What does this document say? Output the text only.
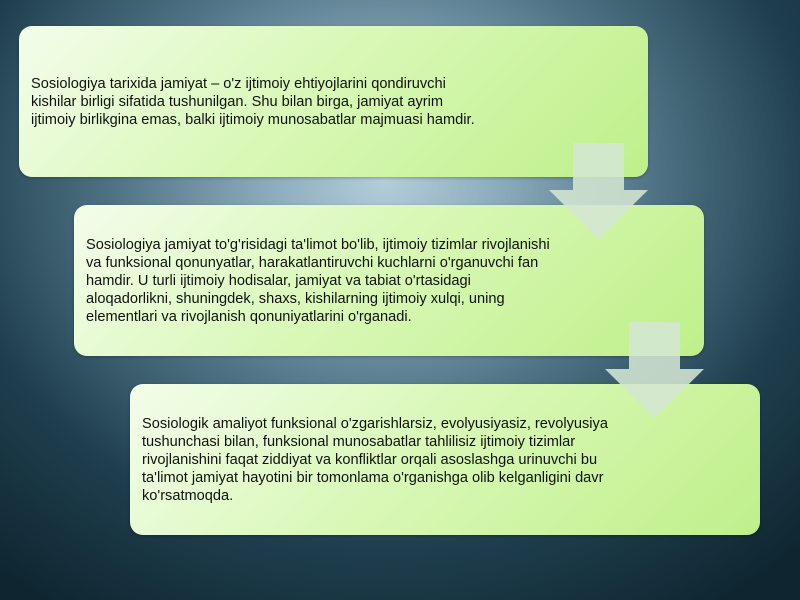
Sosiologiya tarixida jamiyat – o'z ijtimoiy ehtiyojlarini qondiruvchi kishilar birligi sifatida tushunilgan. Shu bilan birga, jamiyat ayrim ijtimoiy birlikgina emas, balki ijtimoiy munosabatlar majmuasi hamdir.

Sosiologiya jamiyat to'g'risidagi ta'limot bo'lib, ijtimoiy tizimlar rivojlanishi va funksional qonunyatlar, harakatlantiruvchi kuchlarni o'rganuvchi fan hamdir. U turli ijtimoiy hodisalar, jamiyat va tabiat o'rtasidagi aloqadorlikni, shuningdek, shaxs, kishilarning ijtimoiy xulqi, uning elementlari va rivojlanish qonuniyatlarini o'rganadi.

Sosiologik amaliyot funksional o'zgarishlarsiz, evolyusiyasiz, revolyusiya tushunchasi bilan, funksional munosabatlar tahlilisiz ijtimoiy tizimlar rivojlanishini faqat ziddiyat va konfliktlar orqali asoslashga urinuvchi bu ta'limot jamiyat hayotini bir tomonlama o'rganishga olib kelganligini davr ko'rsatmoqda.
